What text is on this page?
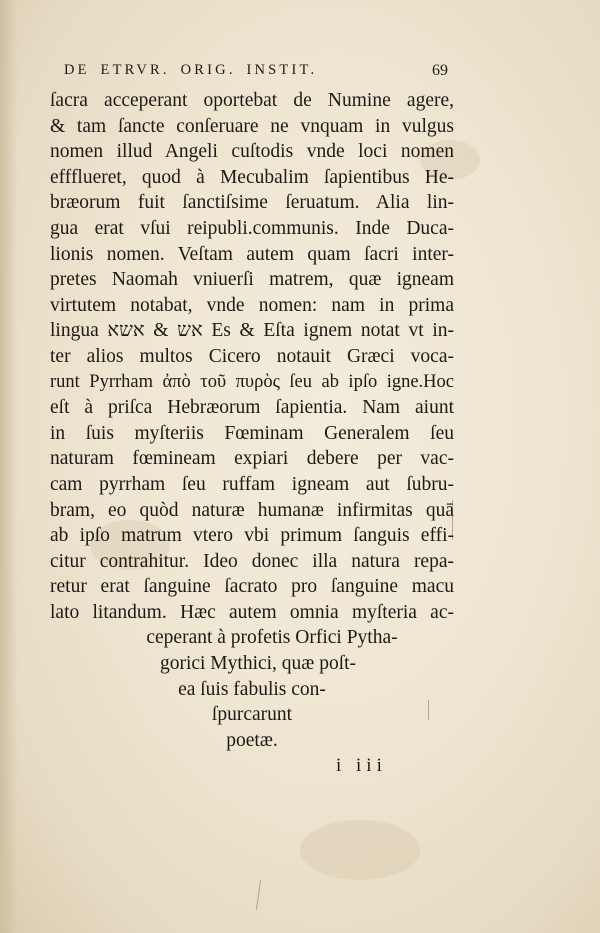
DE ETRVR. ORIG. INSTIT.	69
ſacra acceperant oportebat de Numine agere,
& tam ſancte conſeruare ne vnquam in vulgus
nomen illud Angeli cuſtodis vnde loci nomen
effflueret, quod à Mecubalim ſapientibus He-
bræorum fuit ſanctiſsime ſeruatum. Alia lin-
gua erat vſui reipubli.communis. Inde Duca-
lionis nomen. Veſtam autem quam ſacri inter-
pretes Naomah vniuerſi matrem, quæ igneam
virtutem notabat, vnde nomen: nam in prima
lingua אש & אשא Es & Eſta ignem notat vt in-
ter alios multos Cicero notauit Græci voca-
runt Pyrrham ἀπὸ τοῦ πυρὸς ſeu ab ipſo igne.Hoc
eſt à priſca Hebræorum ſapientia. Nam aiunt
in ſuis myſteriis Fœminam Generalem ſeu
naturam fœmineam expiari debere per vac-
cam pyrrham ſeu ruffam igneam aut ſubru-
bram, eo quòd naturæ humanæ infirmitas quā
ab ipſo matrum vtero vbi primum ſanguis effi-
citur contrahitur. Ideo donec illa natura repa-
retur erat ſanguine ſacrato pro ſanguine macu
lato litandum. Hæc autem omnia myſteria ac-
ceperant à profetis Orfici Pytha-
gorici Mythici, quæ poſt-
ea ſuis fabulis con-
ſpurcarunt
poetæ.
i iii
